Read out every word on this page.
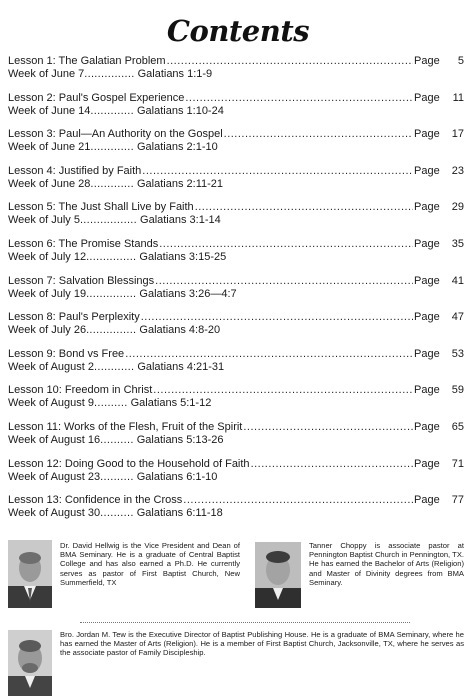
Contents
Lesson 1: The Galatian Problem .....	Page	5
Week of June 7 ............... Galatians 1:1-9
Lesson 2: Paul's Gospel Experience .....	Page	11
Week of June 14 ............. Galatians 1:10-24
Lesson 3: Paul—An Authority on the Gospel .....	Page	17
Week of June 21 ............. Galatians 2:1-10
Lesson 4: Justified by Faith .....	Page	23
Week of June 28 ............. Galatians 2:11-21
Lesson 5: The Just Shall Live by Faith .....	Page	29
Week of July 5 ................. Galatians 3:1-14
Lesson 6: The Promise Stands .....	Page	35
Week of July 12 ............... Galatians 3:15-25
Lesson 7: Salvation Blessings .....	Page	41
Week of July 19 ............... Galatians 3:26—4:7
Lesson 8: Paul's Perplexity .....	Page	47
Week of July 26 ............... Galatians 4:8-20
Lesson 9: Bond vs Free .....	Page	53
Week of August 2 ............ Galatians 4:21-31
Lesson 10: Freedom in Christ .....	Page	59
Week of August 9 .......... Galatians 5:1-12
Lesson 11: Works of the Flesh, Fruit of the Spirit .....	Page	65
Week of August 16 .......... Galatians 5:13-26
Lesson 12: Doing Good to the Household of Faith .....	Page	71
Week of August 23 .......... Galatians 6:1-10
Lesson 13: Confidence in the Cross .....	Page	77
Week of August 30 .......... Galatians 6:11-18
Dr. David Hellwig is the Vice President and Dean of BMA Seminary. He is a graduate of Central Baptist College and has also earned a Ph.D. He currently serves as pastor of First Baptist Church, New Summerfield, TX
Tanner Choppy is associate pastor at Pennington Baptist Church in Pennington, TX. He has earned the Bachelor of Arts (Religion) and Master of Divinity degrees from BMA Seminary.
Bro. Jordan M. Tew is the Executive Director of Baptist Publishing House. He is a graduate of BMA Seminary, where he has earned the Master of Arts (Religion). He is a member of First Baptist Church, Jacksonville, TX, where he serves as the associate pastor of Family Discipleship.
